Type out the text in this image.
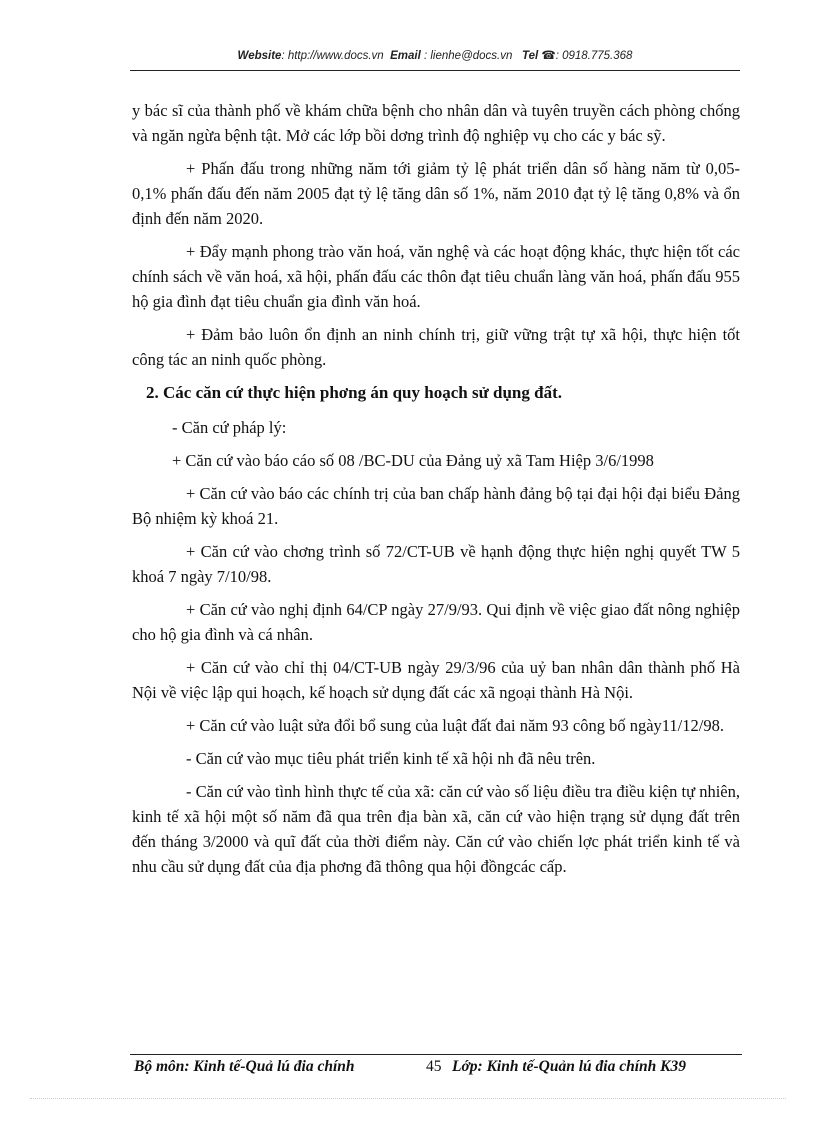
Website: http://www.docs.vn Email : lienhe@docs.vn Tel ☎: 0918.775.368

y bác sĩ của thành phố về khám chữa bệnh cho nhân dân và tuyên truyền cách phòng chống và ngăn ngừa bệnh tật. Mở các lớp bồi dơng trình độ nghiệp vụ cho các y bác sỹ.

+ Phấn đấu trong những năm tới giảm tỷ lệ phát triển dân số hàng năm từ 0,05-0,1% phấn đấu đến năm 2005 đạt tỷ lệ tăng dân số 1%, năm 2010 đạt tỷ lệ tăng 0,8% và ổn định đến năm 2020.

+ Đẩy mạnh phong trào văn hoá, văn nghệ và các hoạt động khác, thực hiện tốt các chính sách về văn hoá, xã hội, phấn đấu các thôn đạt tiêu chuẩn làng văn hoá, phấn đấu 955 hộ gia đình đạt tiêu chuẩn gia đình văn hoá.

+ Đảm bảo luôn ổn định an ninh chính trị, giữ vững trật tự xã hội, thực hiện tốt công tác an ninh quốc phòng.

2. Các căn cứ thực hiện phơng án quy hoạch sử dụng đất.

- Căn cứ pháp lý:

+ Căn cứ vào báo cáo số 08 /BC-DU của Đảng uỷ xã Tam Hiệp 3/6/1998

+ Căn cứ vào báo các chính trị của ban chấp hành đảng bộ tại đại hội đại biểu Đảng Bộ nhiệm kỳ khoá 21.

+ Căn cứ vào chơng trình số 72/CT-UB về hạnh động thực hiện nghị quyết TW 5 khoá 7 ngày 7/10/98.

+ Căn cứ vào nghị định 64/CP ngày 27/9/93. Qui định về việc giao đất nông nghiệp cho hộ gia đình và cá nhân.

+ Căn cứ vào chỉ thị 04/CT-UB ngày 29/3/96 của uỷ ban nhân dân thành phố Hà Nội về việc lập qui hoạch, kế hoạch sử dụng đất các xã ngoại thành Hà Nội.

+ Căn cứ vào luật sửa đổi bổ sung của luật đất đai năm 93 công bố ngày11/12/98.

- Căn cứ vào mục tiêu phát triển kinh tế xã hội nh đã nêu trên.

- Căn cứ vào tình hình thực tế của xã: căn cứ vào số liệu điều tra điều kiện tự nhiên, kinh tế xã hội một số năm đã qua trên địa bàn xã, căn cứ vào hiện trạng sử dụng đất trên đến tháng 3/2000 và quĩ đất của thời điểm này. Căn cứ vào chiến lợc phát triển kinh tế và nhu cầu sử dụng đất của địa phơng đã thông qua hội đồngcác cấp.

Bộ môn: Kinh tế-Quả lú đia chính	45 Lớp: Kinh tế-Quản lú đia chính K39
